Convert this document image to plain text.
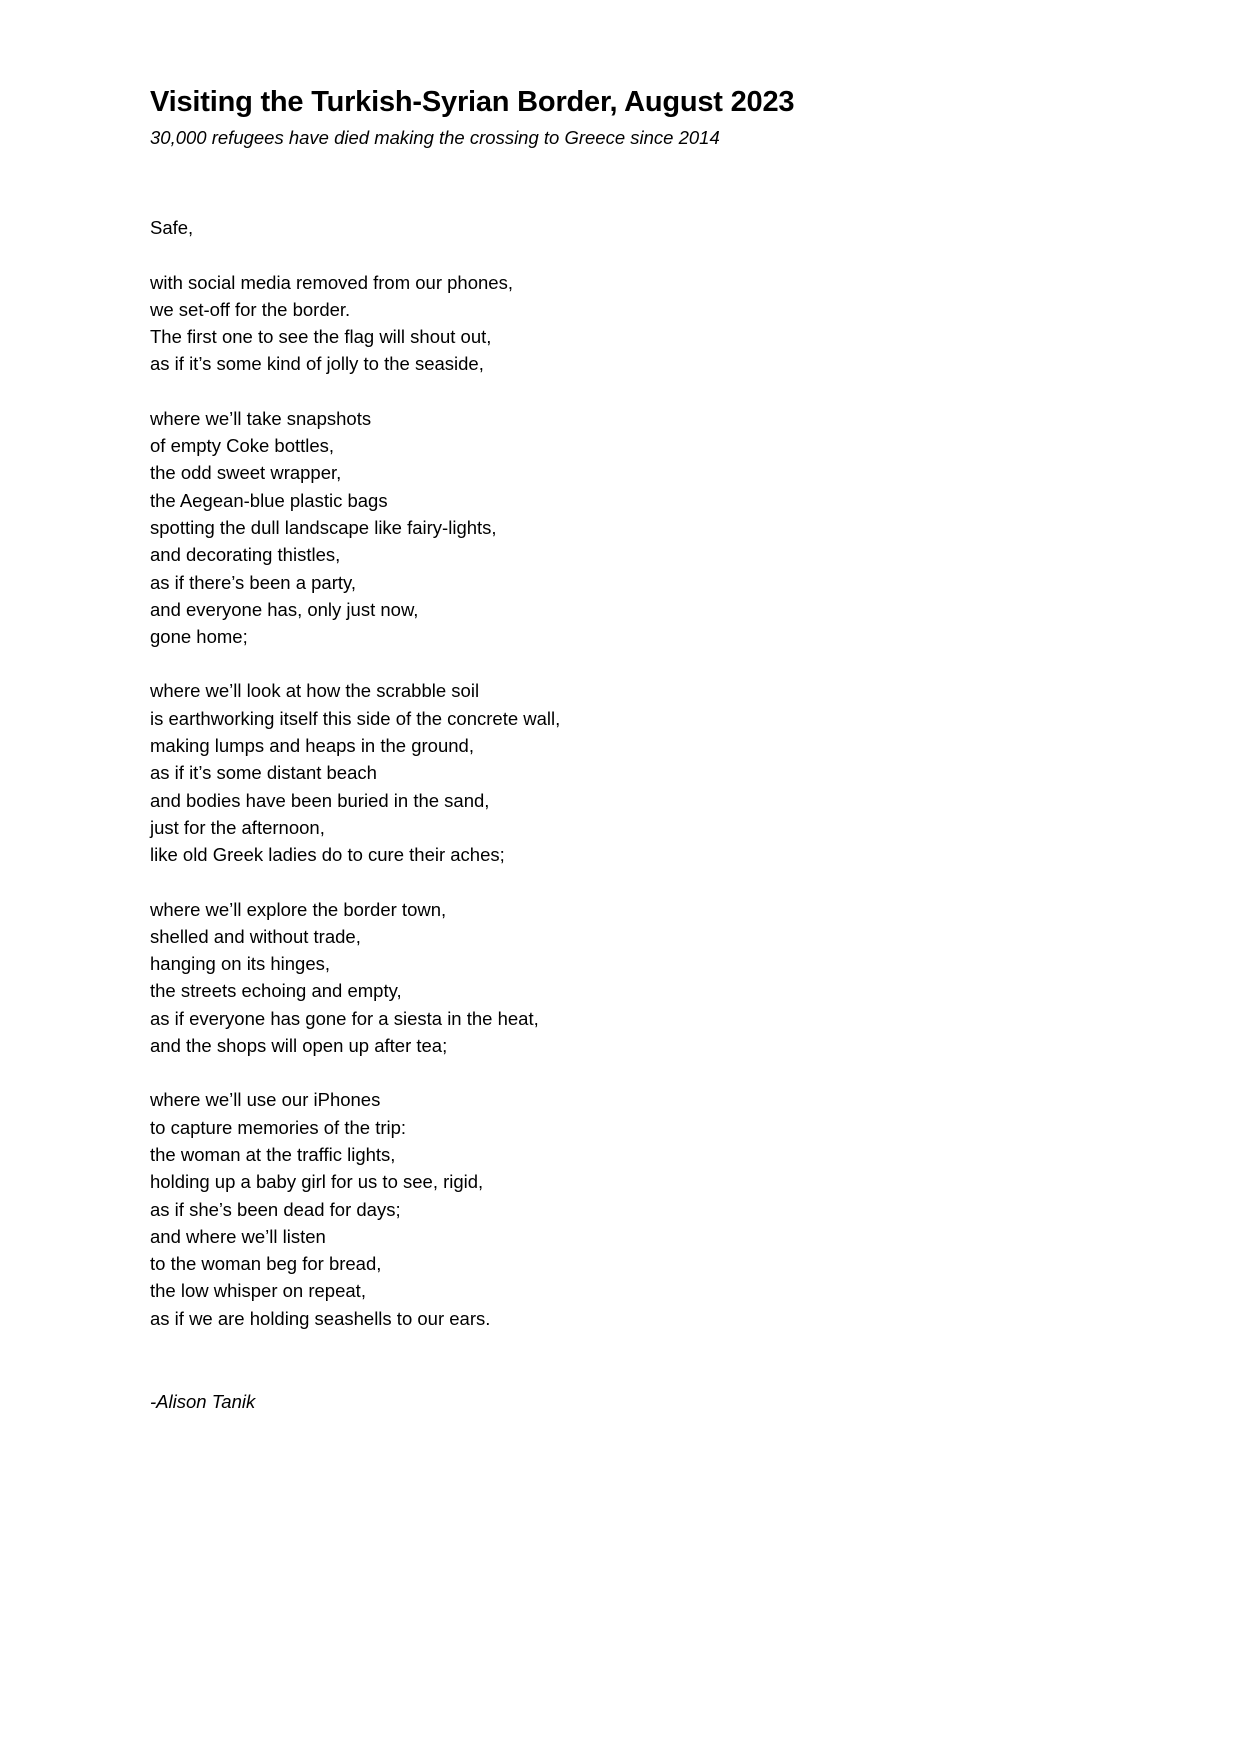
Visiting the Turkish-Syrian Border, August 2023

30,000 refugees have died making the crossing to Greece since 2014

Safe,
with social media removed from our phones,
we set-off for the border.
The first one to see the flag will shout out,
as if it’s some kind of jolly to the seaside,
where we’ll take snapshots
of empty Coke bottles,
the odd sweet wrapper,
the Aegean-blue plastic bags
spotting the dull landscape like fairy-lights,
and decorating thistles,
as if there’s been a party,
and everyone has, only just now,
gone home;
where we’ll look at how the scrabble soil
is earthworking itself this side of the concrete wall,
making lumps and heaps in the ground,
as if it’s some distant beach
and bodies have been buried in the sand,
just for the afternoon,
like old Greek ladies do to cure their aches;
where we’ll explore the border town,
shelled and without trade,
hanging on its hinges,
the streets echoing and empty,
as if everyone has gone for a siesta in the heat,
and the shops will open up after tea;
where we’ll use our iPhones
to capture memories of the trip:
the woman at the traffic lights,
holding up a baby girl for us to see, rigid,
as if she’s been dead for days;
and where we’ll listen
to the woman beg for bread,
the low whisper on repeat,
as if we are holding seashells to our ears.
-Alison Tanik
